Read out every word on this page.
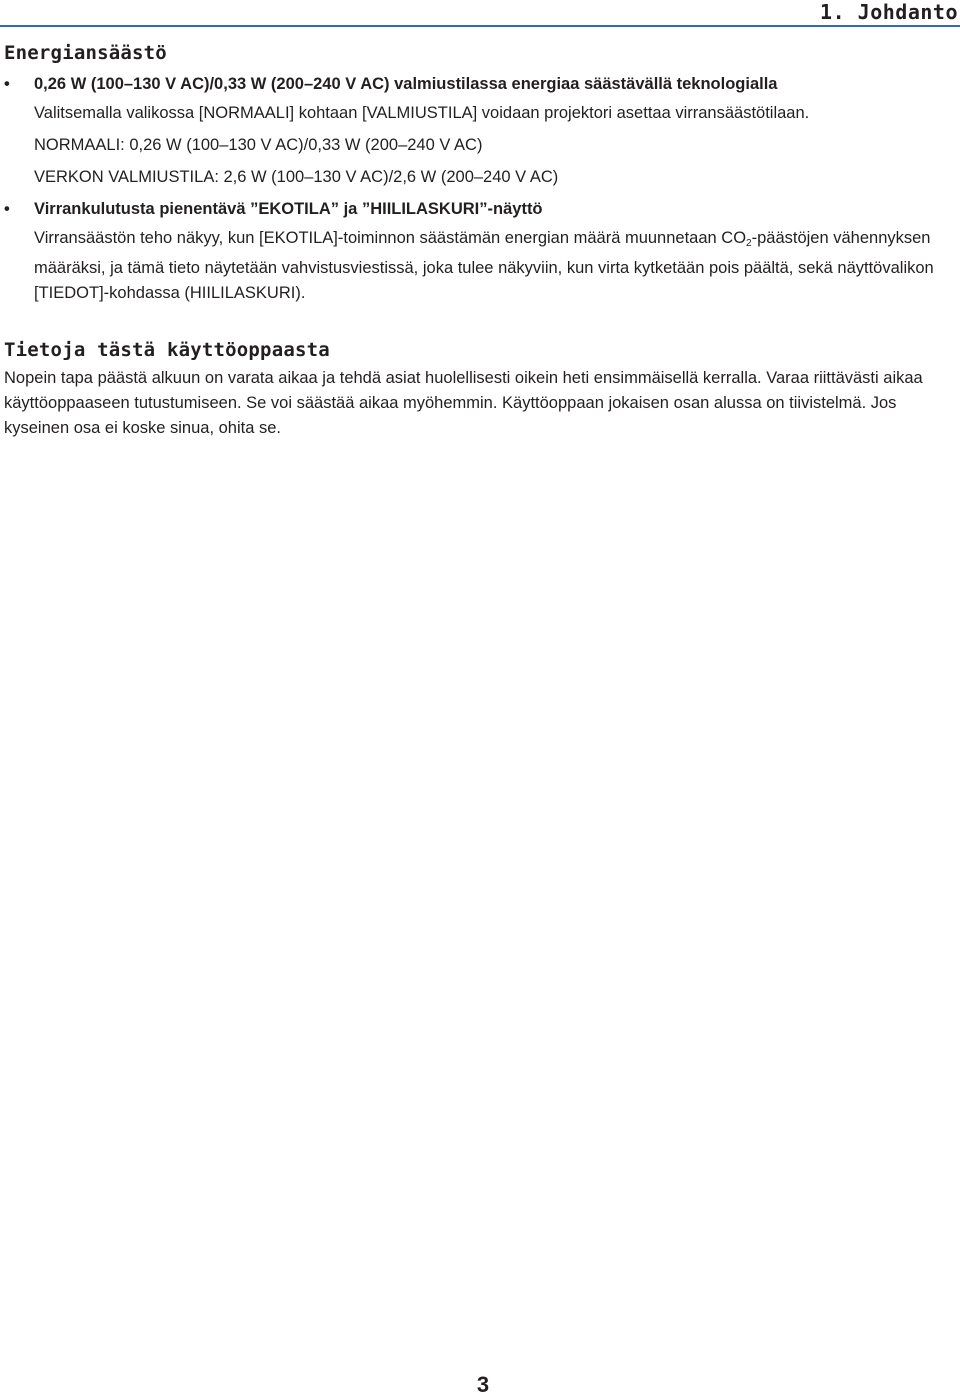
1. Johdanto
Energiansäästö
•	0,26 W (100–130 V AC)/0,33 W (200–240 V AC) valmiustilassa energiaa säästävällä teknologialla
Valitsemalla valikossa [NORMAALI] kohtaan [VALMIUSTILA] voidaan projektori asettaa virransäästötilaan.
NORMAALI: 0,26 W (100–130 V AC)/0,33 W (200–240 V AC)
VERKON VALMIUSTILA: 2,6 W (100–130 V AC)/2,6 W (200–240 V AC)
•	Virrankulutusta pienentävä ”EKOTILA” ja ”HIILILASKURI”-näyttö

Virransäästön teho näkyy, kun [EKOTILA]-toiminnon säästämän energian määrä muunnetaan $CO_2$-päästöjen vähennyksen määräksi, ja tämä tieto näytetään vahvistusviestissä, joka tulee näkyviin, kun virta kytketään pois päältä, sekä näyttövalikon [TIEDOT]-kohdassa (HIILILASKURI).

Tietoja tästä käyttöoppaasta

Nopein tapa päästä alkuun on varata aikaa ja tehdä asiat huolellisesti oikein heti ensimmäisellä kerralla. Varaa riittävästi aikaa käyttöoppaaseen tutustumiseen. Se voi säästää aikaa myöhemmin. Käyttöoppaan jokaisen osan alussa on tiivistelmä. Jos kyseinen osa ei koske sinua, ohita se.

3
